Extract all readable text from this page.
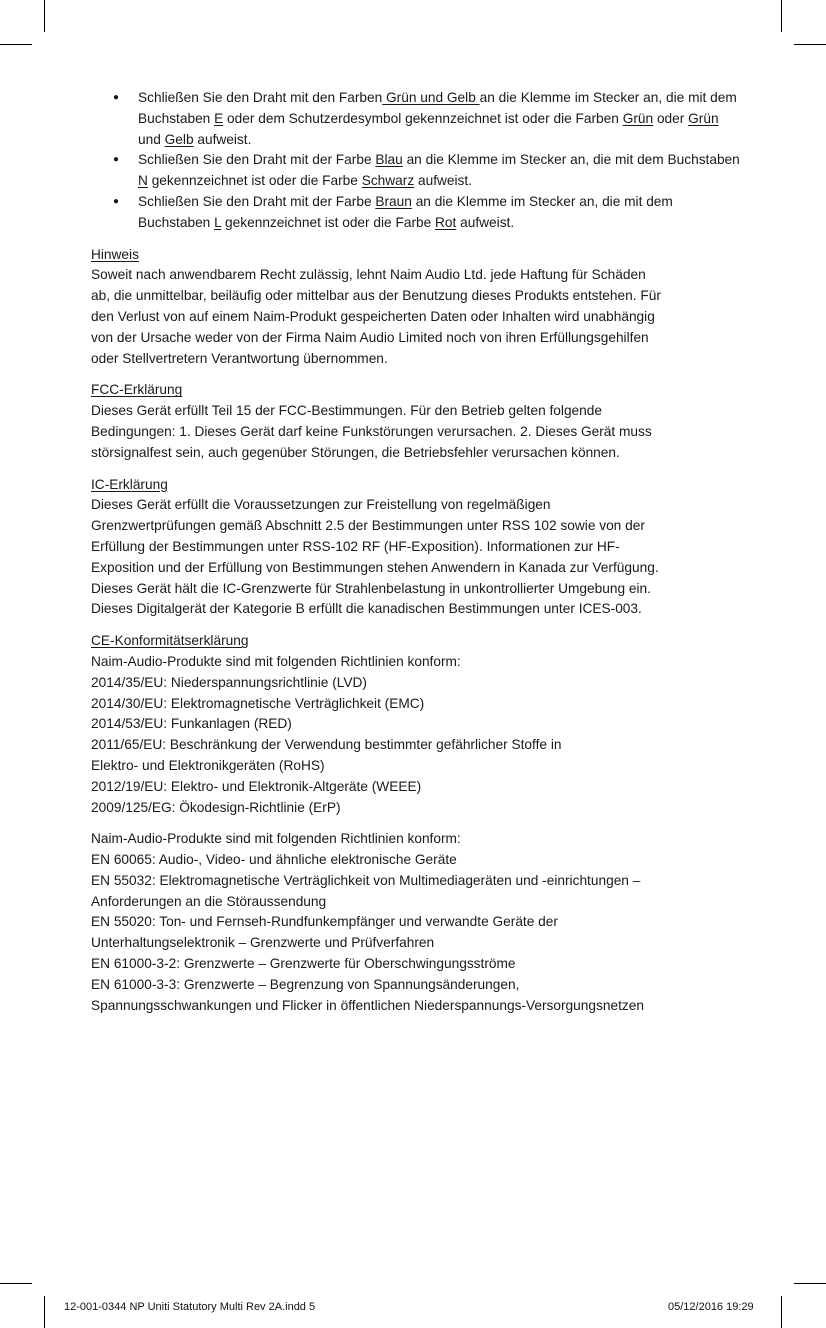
● Schließen Sie den Draht mit den Farben Grün und Gelb an die Klemme im Stecker an, die mit dem Buchstaben E oder dem Schutzerdesymbol gekennzeichnet ist oder die Farben Grün oder Grün und Gelb aufweist.
● Schließen Sie den Draht mit der Farbe Blau an die Klemme im Stecker an, die mit dem Buchstaben N gekennzeichnet ist oder die Farbe Schwarz aufweist.
● Schließen Sie den Draht mit der Farbe Braun an die Klemme im Stecker an, die mit dem Buchstaben L gekennzeichnet ist oder die Farbe Rot aufweist.
Hinweis
Soweit nach anwendbarem Recht zulässig, lehnt Naim Audio Ltd. jede Haftung für Schäden
ab, die unmittelbar, beiläufig oder mittelbar aus der Benutzung dieses Produkts entstehen. Für
den Verlust von auf einem Naim-Produkt gespeicherten Daten oder Inhalten wird unabhängig
von der Ursache weder von der Firma Naim Audio Limited noch von ihren Erfüllungsgehilfen
oder Stellvertretern Verantwortung übernommen.
FCC-Erklärung
Dieses Gerät erfüllt Teil 15 der FCC-Bestimmungen. Für den Betrieb gelten folgende
Bedingungen: 1. Dieses Gerät darf keine Funkstörungen verursachen. 2. Dieses Gerät muss
störsignalfest sein, auch gegenüber Störungen, die Betriebsfehler verursachen können.
IC-Erklärung
Dieses Gerät erfüllt die Voraussetzungen zur Freistellung von regelmäßigen
Grenzwertprüfungen gemäß Abschnitt 2.5 der Bestimmungen unter RSS 102 sowie von der
Erfüllung der Bestimmungen unter RSS-102 RF (HF-Exposition). Informationen zur HF-
Exposition und der Erfüllung von Bestimmungen stehen Anwendern in Kanada zur Verfügung.
Dieses Gerät hält die IC-Grenzwerte für Strahlenbelastung in unkontrollierter Umgebung ein.
Dieses Digitalgerät der Kategorie B erfüllt die kanadischen Bestimmungen unter ICES-003.
CE-Konformitätserklärung
Naim-Audio-Produkte sind mit folgenden Richtlinien konform:
2014/35/EU: Niederspannungsrichtlinie (LVD)
2014/30/EU: Elektromagnetische Verträglichkeit (EMC)
2014/53/EU: Funkanlagen (RED)
2011/65/EU: Beschränkung der Verwendung bestimmter gefährlicher Stoffe in
Elektro- und Elektronikgeräten (RoHS)
2012/19/EU: Elektro- und Elektronik-Altgeräte (WEEE)
2009/125/EG: Ökodesign-Richtlinie (ErP)
Naim-Audio-Produkte sind mit folgenden Richtlinien konform:
EN 60065: Audio-, Video- und ähnliche elektronische Geräte
EN 55032: Elektromagnetische Verträglichkeit von Multimediageräten und -einrichtungen –
Anforderungen an die Störaussendung
EN 55020: Ton- und Fernseh-Rundfunkempfänger und verwandte Geräte der
Unterhaltungselektronik – Grenzwerte und Prüfverfahren
EN 61000-3-2: Grenzwerte – Grenzwerte für Oberschwingungsströme
EN 61000-3-3: Grenzwerte – Begrenzung von Spannungsänderungen,
Spannungsschwankungen und Flicker in öffentlichen Niederspannungs-Versorgungsnetzen
12-001-0344 NP Uniti Statutory Multi Rev 2A.indd 5	05/12/2016 19:29
